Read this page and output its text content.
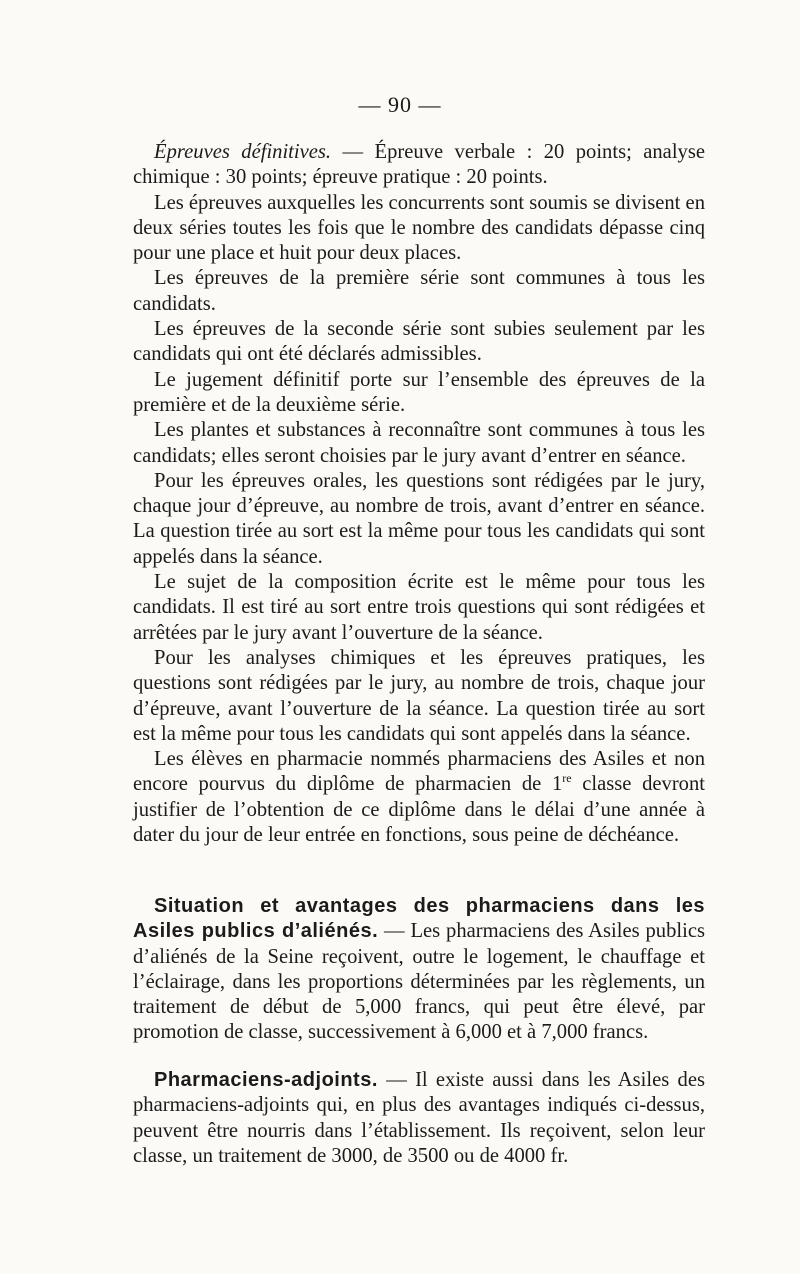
— 90 —

Épreuves définitives. — Épreuve verbale : 20 points; analyse chimique : 30 points; épreuve pratique : 20 points.

Les épreuves auxquelles les concurrents sont soumis se divisent en deux séries toutes les fois que le nombre des candidats dépasse cinq pour une place et huit pour deux places.

Les épreuves de la première série sont communes à tous les candidats.

Les épreuves de la seconde série sont subies seulement par les candidats qui ont été déclarés admissibles.

Le jugement définitif porte sur l’ensemble des épreuves de la première et de la deuxième série.

Les plantes et substances à reconnaître sont communes à tous les candidats; elles seront choisies par le jury avant d’entrer en séance.

Pour les épreuves orales, les questions sont rédigées par le jury, chaque jour d’épreuve, au nombre de trois, avant d’entrer en séance. La question tirée au sort est la même pour tous les candidats qui sont appelés dans la séance.

Le sujet de la composition écrite est le même pour tous les candidats. Il est tiré au sort entre trois questions qui sont rédigées et arrêtées par le jury avant l’ouverture de la séance.

Pour les analyses chimiques et les épreuves pratiques, les questions sont rédigées par le jury, au nombre de trois, chaque jour d’épreuve, avant l’ouverture de la séance. La question tirée au sort est la même pour tous les candidats qui sont appelés dans la séance.

Les élèves en pharmacie nommés pharmaciens des Asiles et non encore pourvus du diplôme de pharmacien de 1re classe devront justifier de l’obtention de ce diplôme dans le délai d’une année à dater du jour de leur entrée en fonctions, sous peine de déchéance.

Situation et avantages des pharmaciens dans les Asiles publics d’aliénés. — Les pharmaciens des Asiles publics d’aliénés de la Seine reçoivent, outre le logement, le chauffage et l’éclairage, dans les proportions déterminées par les règlements, un traitement de début de 5,000 francs, qui peut être élevé, par promotion de classe, successivement à 6,000 et à 7,000 francs.

Pharmaciens-adjoints. — Il existe aussi dans les Asiles des pharmaciens-adjoints qui, en plus des avantages indiqués ci-dessus, peuvent être nourris dans l’établissement. Ils reçoivent, selon leur classe, un traitement de 3000, de 3500 ou de 4000 fr.
